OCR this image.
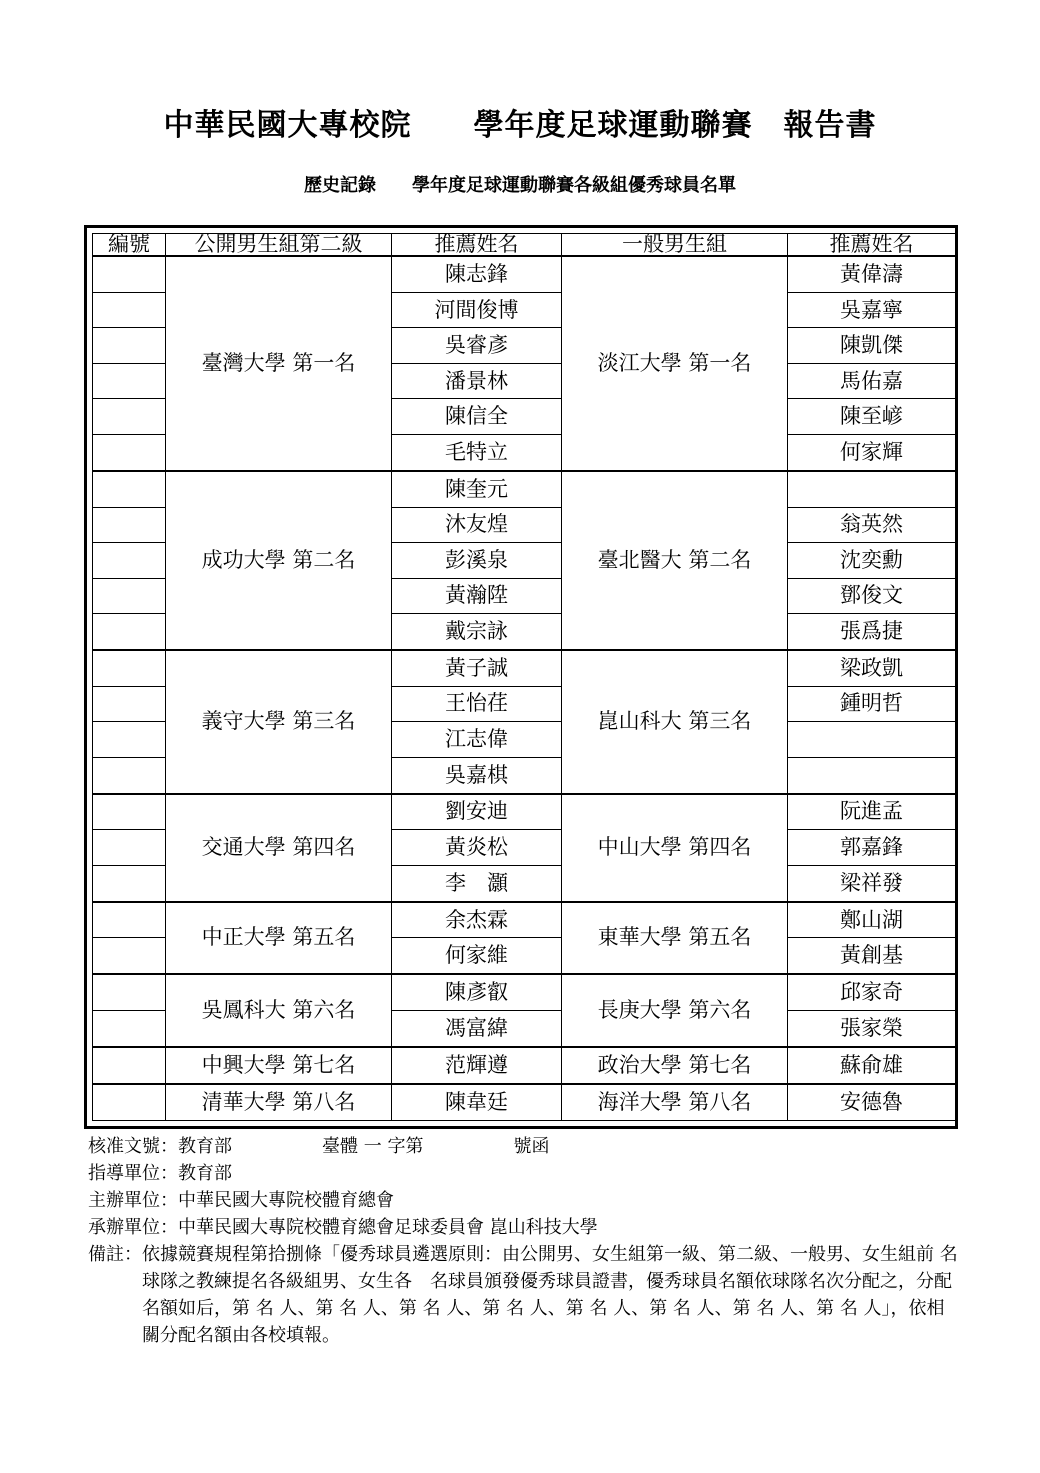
中華民國大專校院　　學年度足球運動聯賽　報告書
歷史記錄　　學年度足球運動聯賽各級組優秀球員名單
編號	公開男生組第二級	推薦姓名	一般男生組	推薦姓名
	臺灣大學 第一名	陳志鋒	淡江大學 第一名	黃偉濤
		河間俊博		吳嘉寧
		吳睿彥		陳凱傑
		潘景林		馬佑嘉
		陳信全		陳至嵃
		毛特立		何家輝
	成功大學 第二名	陳奎元	臺北醫大 第二名	
		沐友煌		翁英然
		彭溪泉		沈奕勳
		黃瀚陞		鄧俊文
		戴宗詠		張爲捷
	義守大學 第三名	黃子誠	崑山科大 第三名	梁政凱
		王怡荏		鍾明哲
		江志偉		
		吳嘉棋		
	交通大學 第四名	劉安迪	中山大學 第四名	阮進孟
		黃炎松		郭嘉鋒
		李　灝		梁祥發
	中正大學 第五名	余杰霖	東華大學 第五名	鄭山湖
		何家維		黃創基
	吳鳳科大 第六名	陳彥叡	長庚大學 第六名	邱家奇
		馮富緯		張家榮
	中興大學 第七名	范輝遵	政治大學 第七名	蘇俞雄
	清華大學 第八名	陳韋廷	海洋大學 第八名	安德魯
核准文號：教育部　　　　　臺體 一 字第　　　　　號函
指導單位：教育部
主辦單位：中華民國大專院校體育總會
承辦單位：中華民國大專院校體育總會足球委員會 崑山科技大學
備註： 依據競賽規程第拾捌條「優秀球員遴選原則：由公開男、女生組第一級、第二級、一般男、女生組前 名球隊之教練提名各級組男、女生各　名球員頒發優秀球員證書，優秀球員名額依球隊名次分配之，分配名額如后，第 名 人、第 名 人、第 名 人、第 名 人、第 名 人、第 名 人、第 名 人、第 名 人」，依相關分配名額由各校填報。
